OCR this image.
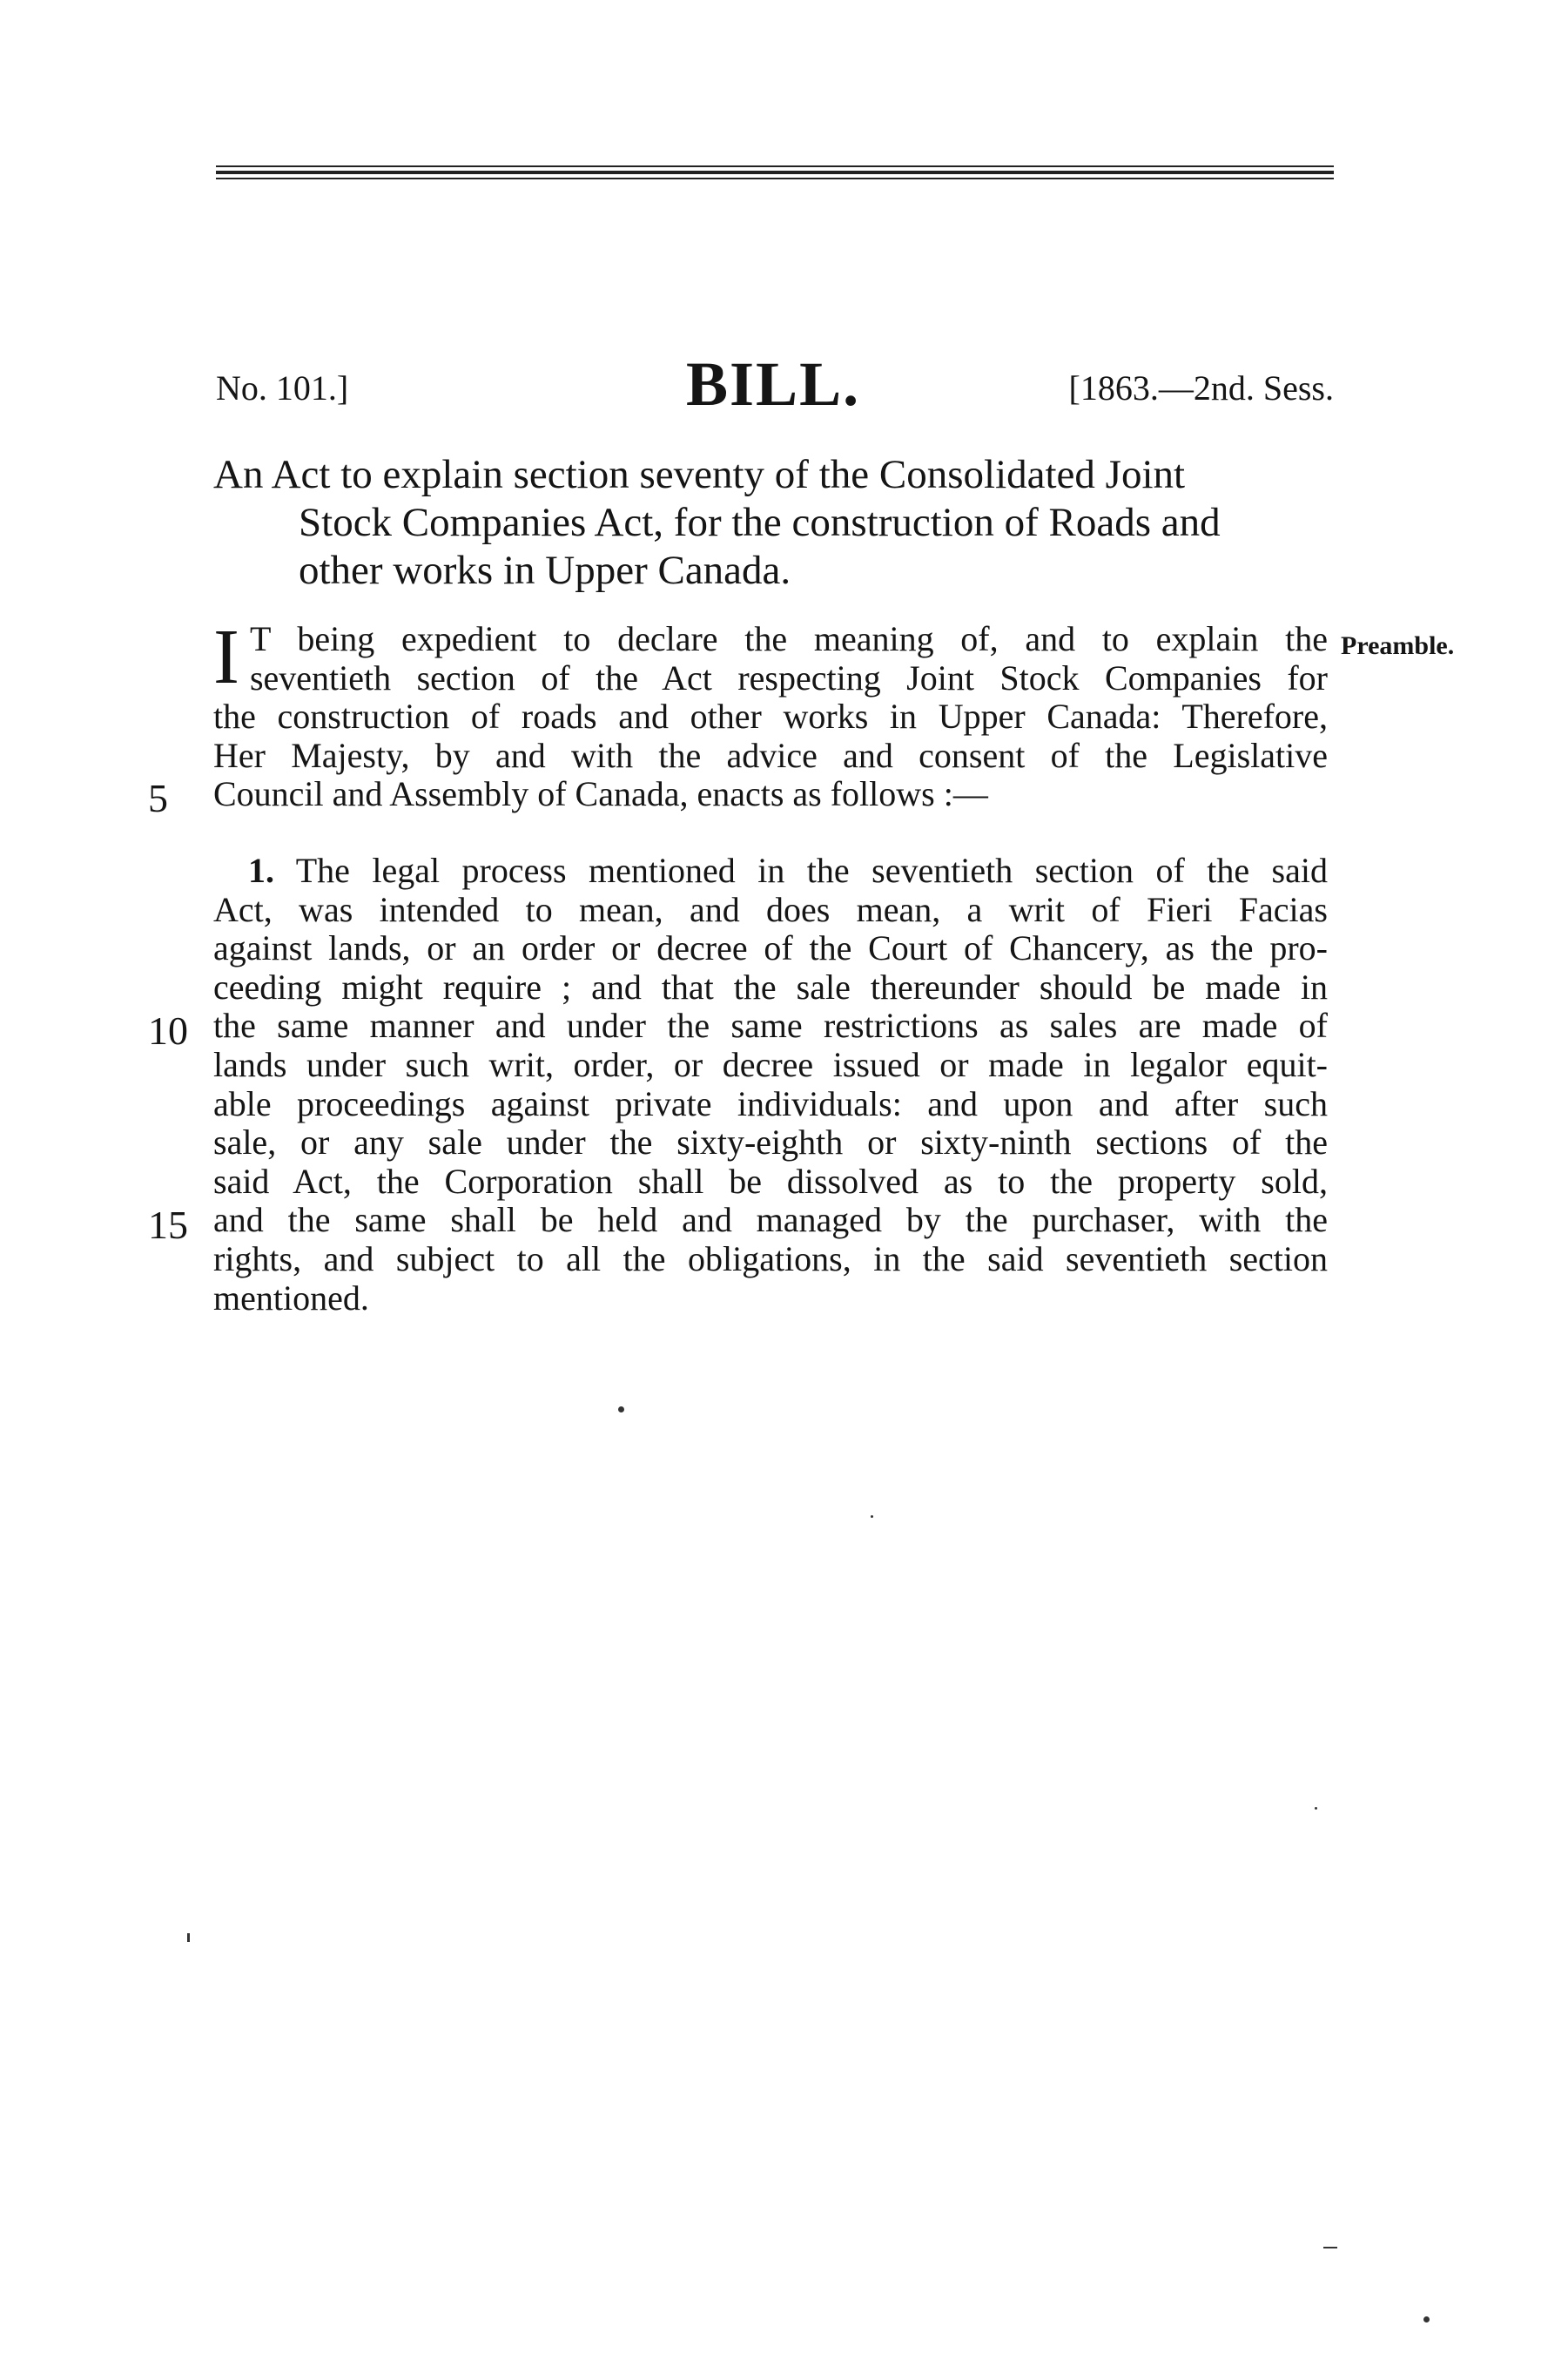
No. 101.]	BILL.	[1863.—2nd. Sess.
An Act to explain section seventy of the Consolidated Joint
Stock Companies Act, for the construction of Roads and
other works in Upper Canada.
Preamble.
I T being expedient to declare the meaning of, and to explain the
seventieth section of the Act respecting Joint Stock Companies for
the construction of roads and other works in Upper Canada: Therefore,
Her Majesty, by and with the advice and consent of the Legislative
Council and Assembly of Canada, enacts as follows :—
5
1. The legal process mentioned in the seventieth section of the said
Act, was intended to mean, and does mean, a writ of Fieri Facias
against lands, or an order or decree of the Court of Chancery, as the pro-
ceeding might require ; and that the sale thereunder should be made in
the same manner and under the same restrictions as sales are made of
lands under such writ, order, or decree issued or made in legalor equit-
able proceedings against private individuals: and upon and after such
sale, or any sale under the sixty-eighth or sixty-ninth sections of the
said Act, the Corporation shall be dissolved as to the property sold,
and the same shall be held and managed by the purchaser, with the
rights, and subject to all the obligations, in the said seventieth section
mentioned.
10
15
